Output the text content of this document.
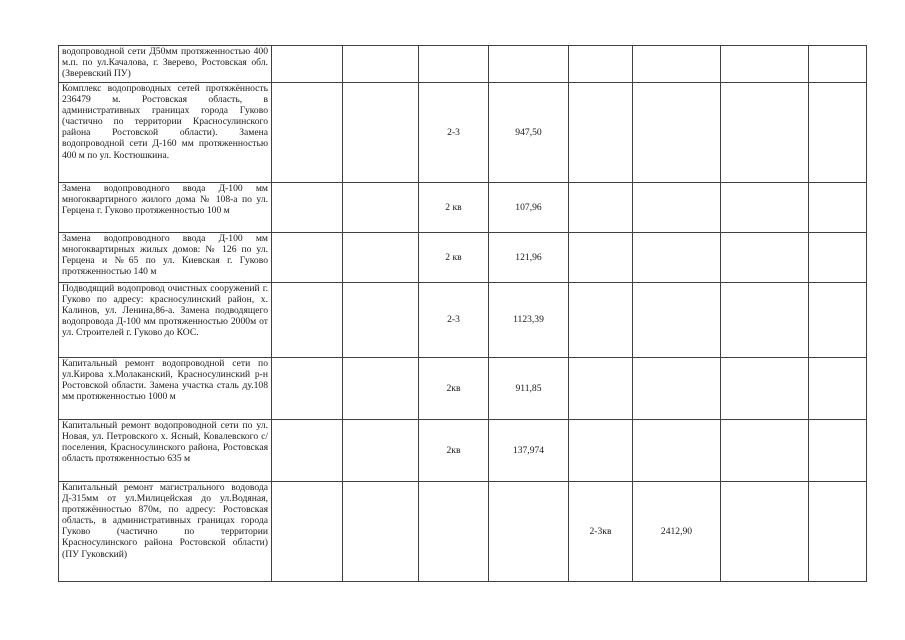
водопроводной сети Д50мм протяженностью 400 м.п. по ул.Качалова, г. Зверево, Ростовская обл. (Зверевский ПУ)								
Комплекс водопроводных сетей протяжённость 236479 м. Ростовская область, в административных границах города Гуково (частично по территории Красносулинского района Ростовской области). Замена водопроводной сети Д-160 мм протяженностью 400 м по ул. Костюшкина.			2-3	947,50				
Замена водопроводного ввода Д-100 мм многоквартирного жилого дома № 108-а по ул. Герцена г. Гуково протяженностью 100 м			2 кв	107,96				
Замена водопроводного ввода Д-100 мм многоквартирных жилых домов: № 126 по ул. Герцена и №65 по ул. Киевская г. Гуково протяженностью 140 м			2 кв	121,96				
Подводящий водопровод очистных сооружений г. Гуково по адресу: красносулинский район, х. Калинов, ул. Ленина,86-а. Замена подводящего водопровода Д-100 мм протяженностью 2000м от ул. Строителей г. Гуково до КОС.			2-3	1123,39				
Капитальный ремонт водопроводной сети по ул.Кирова х.Молаканский, Красносулинский р-н Ростовской области. Замена участка сталь ду.108 мм протяженностью 1000 м			2кв	911,85				
Капитальный ремонт водопроводной сети по ул. Новая, ул. Петровского х. Ясный, Ковалевского с/поселения, Красносулинского района, Ростовская область протяженностью 635 м			2кв	137,974				
Капитальный ремонт магистрального водовода Д-315мм от ул.Милицейская до ул.Водяная, протяжённостью 870м, по адресу: Ростовская область, в административных границах города Гуково (частично по территории Красносулинского района Ростовской области) (ПУ Гуковский)					2-3кв	2412,90		
